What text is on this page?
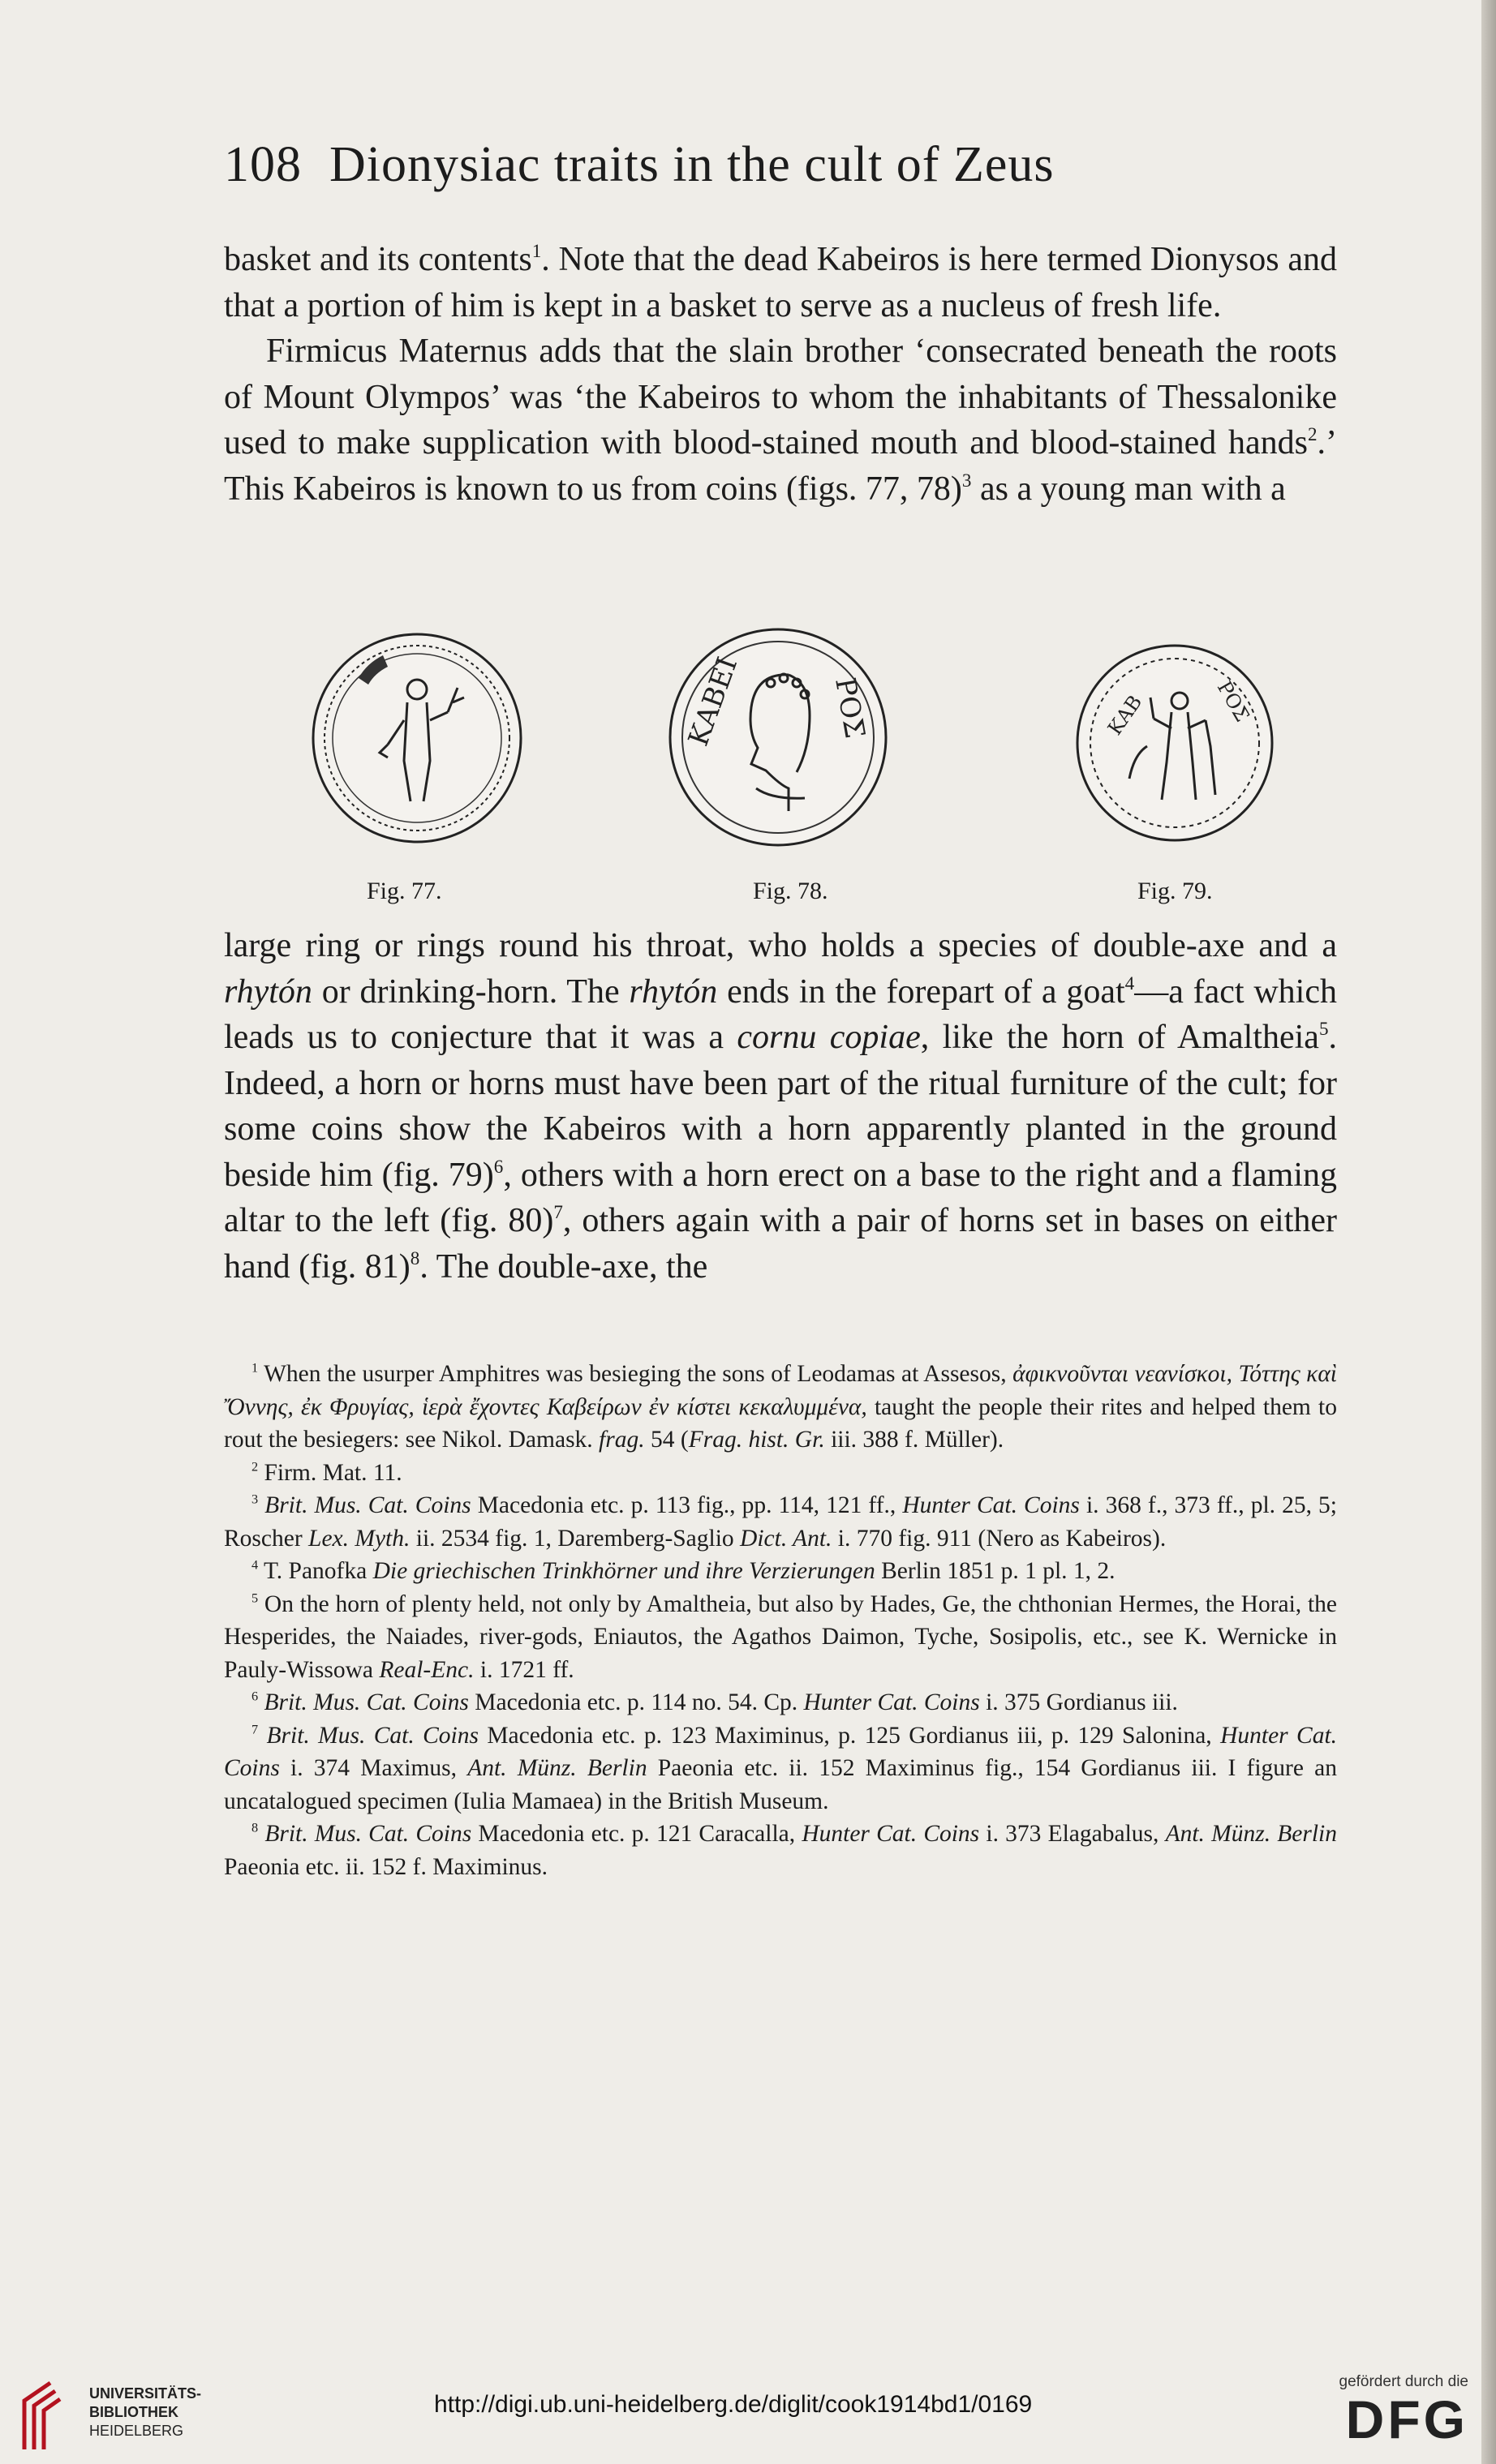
108 Dionysiac traits in the cult of Zeus

basket and its contents$^1$. Note that the dead Kabeiros is here termed Dionysos and that a portion of him is kept in a basket to serve as a nucleus of fresh life.

Firmicus Maternus adds that the slain brother ‘consecrated beneath the roots of Mount Olympos’ was ‘the Kabeiros to whom the inhabitants of Thessalonike used to make supplication with blood-stained mouth and blood-stained hands$^2$.’ This Kabeiros is known to us from coins (figs. 77, 78)$^3$ as a young man with a

Fig. 77.
ΚΑΒΕΙ	ΡΟΣ
Fig. 78.
ΚΑΒ	ΡΟΣ
Fig. 79.

large ring or rings round his throat, who holds a species of double-axe and a rhytón or drinking-horn. The rhytón ends in the forepart of a goat$^4$—a fact which leads us to conjecture that it was a cornu copiae, like the horn of Amaltheia$^5$. Indeed, a horn or horns must have been part of the ritual furniture of the cult; for some coins show the Kabeiros with a horn apparently planted in the ground beside him (fig. 79)$^6$, others with a horn erect on a base to the right and a flaming altar to the left (fig. 80)$^7$, others again with a pair of horns set in bases on either hand (fig. 81)$^8$. The double-axe, the

$^1$ When the usurper Amphitres was besieging the sons of Leodamas at Assesos, ἀφικνοῦνται νεανίσκοι, Τόττης καὶ Ὄννης, ἐκ Φρυγίας, ἱερὰ ἔχοντες Καβείρων ἐν κίστει κεκαλυμμένα, taught the people their rites and helped them to rout the besiegers: see Nikol. Damask. frag. 54 (Frag. hist. Gr. iii. 388 f. Müller).

$^2$ Firm. Mat. 11.

$^3$ Brit. Mus. Cat. Coins Macedonia etc. p. 113 fig., pp. 114, 121 ff., Hunter Cat. Coins i. 368 f., 373 ff., pl. 25, 5; Roscher Lex. Myth. ii. 2534 fig. 1, Daremberg-Saglio Dict. Ant. i. 770 fig. 911 (Nero as Kabeiros).

$^4$ T. Panofka Die griechischen Trinkhörner und ihre Verzierungen Berlin 1851 p. 1 pl. 1, 2.

$^5$ On the horn of plenty held, not only by Amaltheia, but also by Hades, Ge, the chthonian Hermes, the Horai, the Hesperides, the Naiades, river-gods, Eniautos, the Agathos Daimon, Tyche, Sosipolis, etc., see K. Wernicke in Pauly-Wissowa Real-Enc. i. 1721 ff.

$^6$ Brit. Mus. Cat. Coins Macedonia etc. p. 114 no. 54. Cp. Hunter Cat. Coins i. 375 Gordianus iii.

$^7$ Brit. Mus. Cat. Coins Macedonia etc. p. 123 Maximinus, p. 125 Gordianus iii, p. 129 Salonina, Hunter Cat. Coins i. 374 Maximus, Ant. Münz. Berlin Paeonia etc. ii. 152 Maximinus fig., 154 Gordianus iii. I figure an uncatalogued specimen (Iulia Mamaea) in the British Museum.

$^8$ Brit. Mus. Cat. Coins Macedonia etc. p. 121 Caracalla, Hunter Cat. Coins i. 373 Elagabalus, Ant. Münz. Berlin Paeonia etc. ii. 152 f. Maximinus.

UNIVERSITÄTS-
BIBLIOTHEK
HEIDELBERG
http://digi.ub.uni-heidelberg.de/diglit/cook1914bd1/0169
gefördert durch die
DFG
